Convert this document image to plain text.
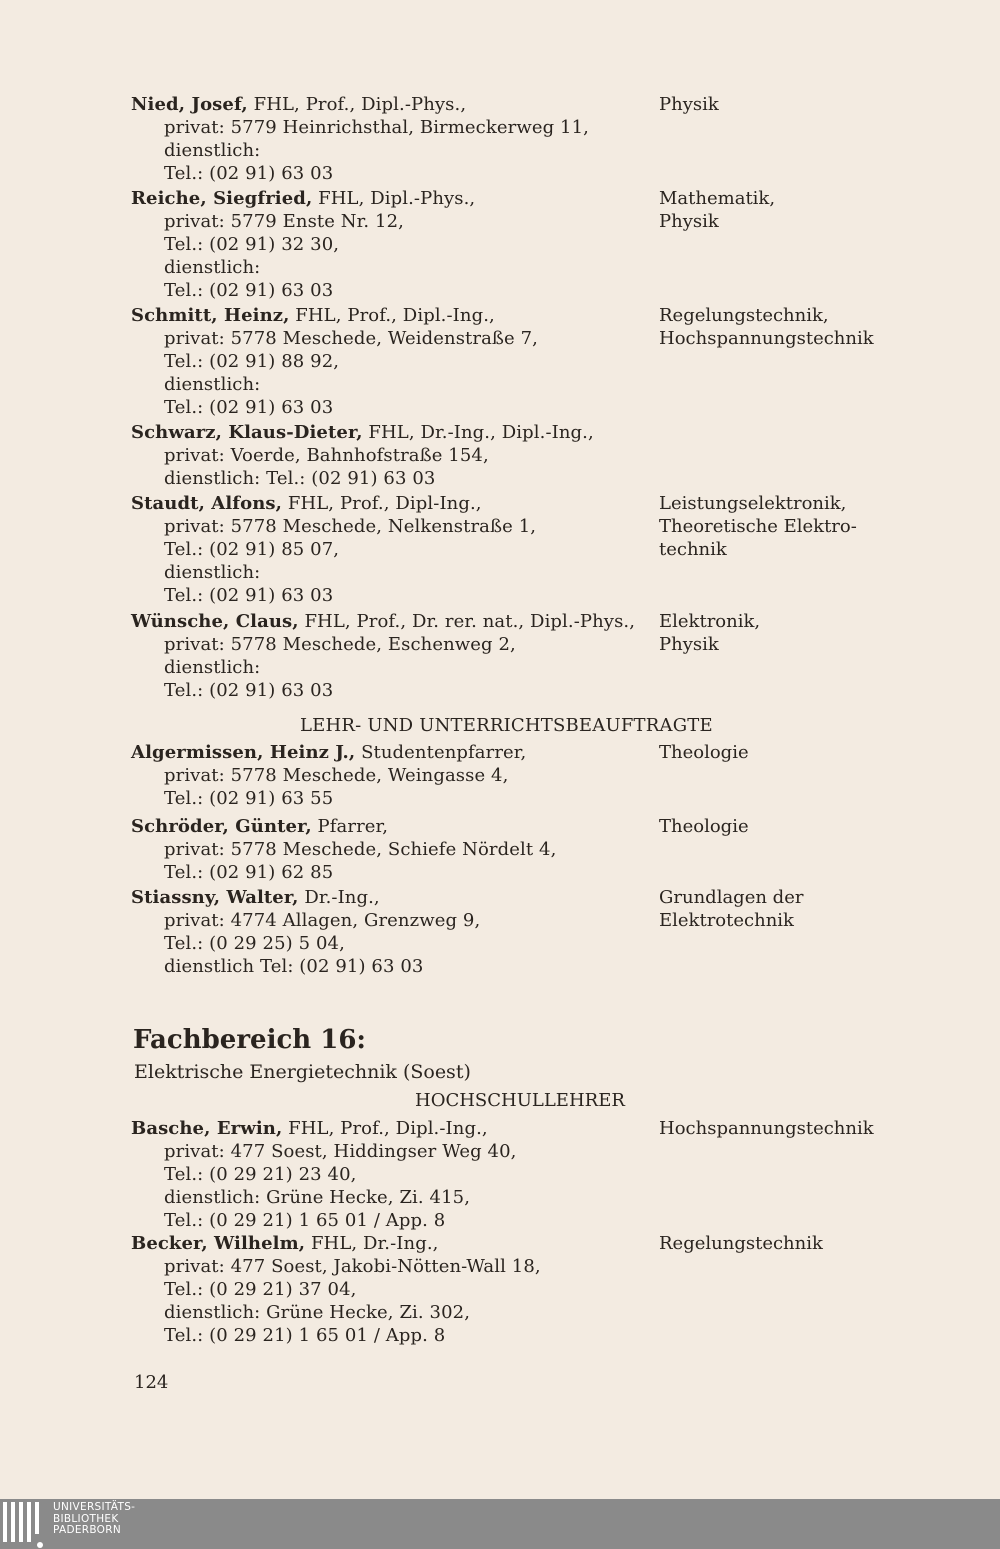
Nied, Josef, FHL, Prof., Dipl.-Phys.,
privat: 5779 Heinrichsthal, Birmeckerweg 11,
dienstlich:
Tel.: (02 91) 63 03
Physik
Reiche, Siegfried, FHL, Dipl.-Phys.,
privat: 5779 Enste Nr. 12,
Tel.: (02 91) 32 30,
dienstlich:
Tel.: (02 91) 63 03
Mathematik,
Physik
Schmitt, Heinz, FHL, Prof., Dipl.-Ing.,
privat: 5778 Meschede, Weidenstraße 7,
Tel.: (02 91) 88 92,
dienstlich:
Tel.: (02 91) 63 03
Regelungstechnik,
Hochspannungstechnik
Schwarz, Klaus-Dieter, FHL, Dr.-Ing., Dipl.-Ing.,
privat: Voerde, Bahnhofstraße 154,
dienstlich: Tel.: (02 91) 63 03
Staudt, Alfons, FHL, Prof., Dipl-Ing.,
privat: 5778 Meschede, Nelkenstraße 1,
Tel.: (02 91) 85 07,
dienstlich:
Tel.: (02 91) 63 03
Leistungselektronik,
Theoretische Elektro-
technik
Wünsche, Claus, FHL, Prof., Dr. rer. nat., Dipl.-Phys.,
privat: 5778 Meschede, Eschenweg 2,
dienstlich:
Tel.: (02 91) 63 03
Elektronik,
Physik
Algermissen, Heinz J., Studentenpfarrer,
privat: 5778 Meschede, Weingasse 4,
Tel.: (02 91) 63 55
Theologie
Schröder, Günter, Pfarrer,
privat: 5778 Meschede, Schiefe Nördelt 4,
Tel.: (02 91) 62 85
Theologie
Stiassny, Walter, Dr.-Ing.,
privat: 4774 Allagen, Grenzweg 9,
Tel.: (0 29 25) 5 04,
dienstlich Tel: (02 91) 63 03
Grundlagen der
Elektrotechnik
Basche, Erwin, FHL, Prof., Dipl.-Ing.,
privat: 477 Soest, Hiddingser Weg 40,
Tel.: (0 29 21) 23 40,
dienstlich: Grüne Hecke, Zi. 415,
Tel.: (0 29 21) 1 65 01 / App. 8
Hochspannungstechnik
Becker, Wilhelm, FHL, Dr.-Ing.,
privat: 477 Soest, Jakobi-Nötten-Wall 18,
Tel.: (0 29 21) 37 04,
dienstlich: Grüne Hecke, Zi. 302,
Tel.: (0 29 21) 1 65 01 / App. 8
Regelungstechnik
LEHR- UND UNTERRICHTSBEAUFTRAGTE
Fachbereich 16:
Elektrische Energietechnik (Soest)
HOCHSCHULLEHRER
124
UNIVERSITÄTS-
BIBLIOTHEK
PADERBORN
